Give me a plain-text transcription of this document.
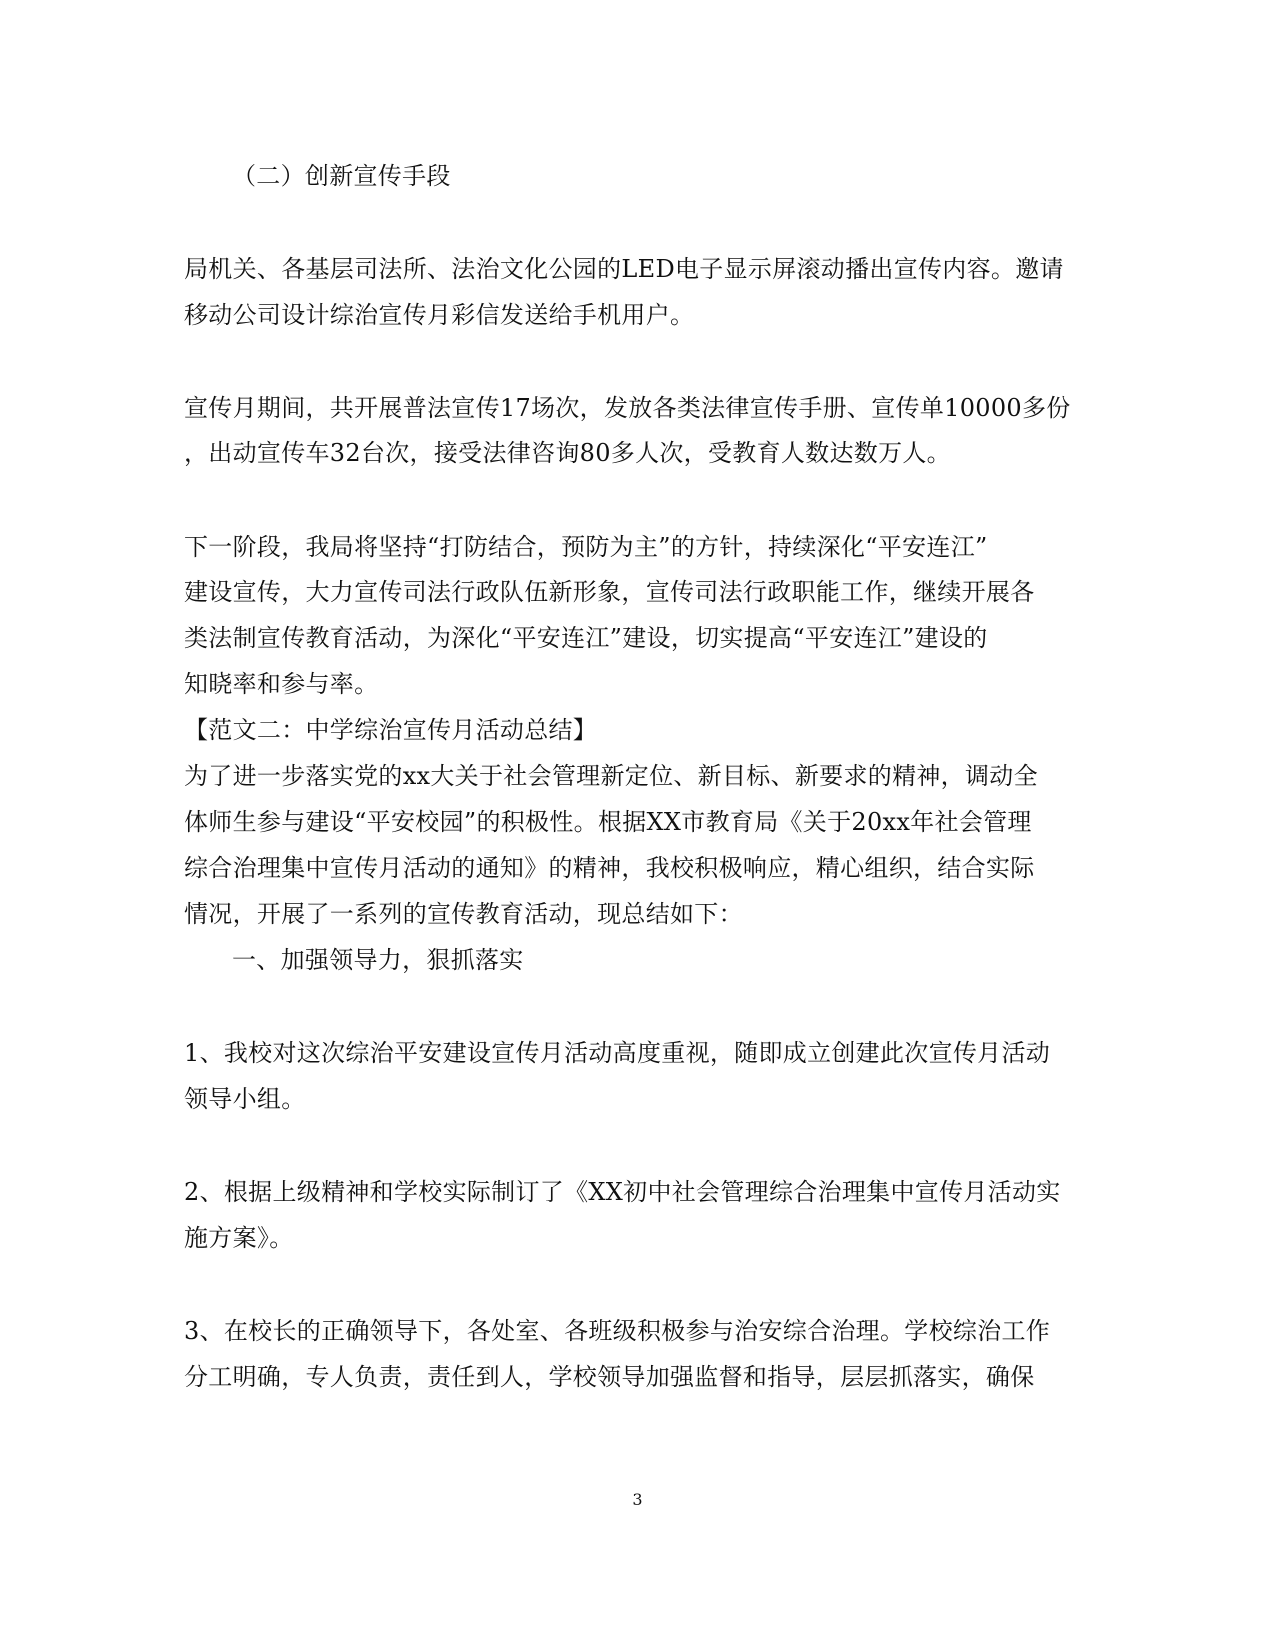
（二）创新宣传手段
局机关、各基层司法所、法治文化公园的LED电子显示屏滚动播出宣传内容。邀请
移动公司设计综治宣传月彩信发送给手机用户。
宣传月期间，共开展普法宣传17场次，发放各类法律宣传手册、宣传单10000多份
，出动宣传车32台次，接受法律咨询80多人次，受教育人数达数万人。
下一阶段，我局将坚持“打防结合，预防为主”的方针，持续深化“平安连江”
建设宣传，大力宣传司法行政队伍新形象，宣传司法行政职能工作，继续开展各
类法制宣传教育活动，为深化“平安连江”建设，切实提高“平安连江”建设的
知晓率和参与率。
【范文二：中学综治宣传月活动总结】
为了进一步落实党的xx大关于社会管理新定位、新目标、新要求的精神，调动全
体师生参与建设“平安校园”的积极性。根据XX市教育局《关于20xx年社会管理
综合治理集中宣传月活动的通知》的精神，我校积极响应，精心组织，结合实际
情况，开展了一系列的宣传教育活动，现总结如下：
一、加强领导力，狠抓落实
1、我校对这次综治平安建设宣传月活动高度重视，随即成立创建此次宣传月活动
领导小组。
2、根据上级精神和学校实际制订了《XX初中社会管理综合治理集中宣传月活动实
施方案》。
3、在校长的正确领导下，各处室、各班级积极参与治安综合治理。学校综治工作
分工明确，专人负责，责任到人，学校领导加强监督和指导，层层抓落实，确保
3
